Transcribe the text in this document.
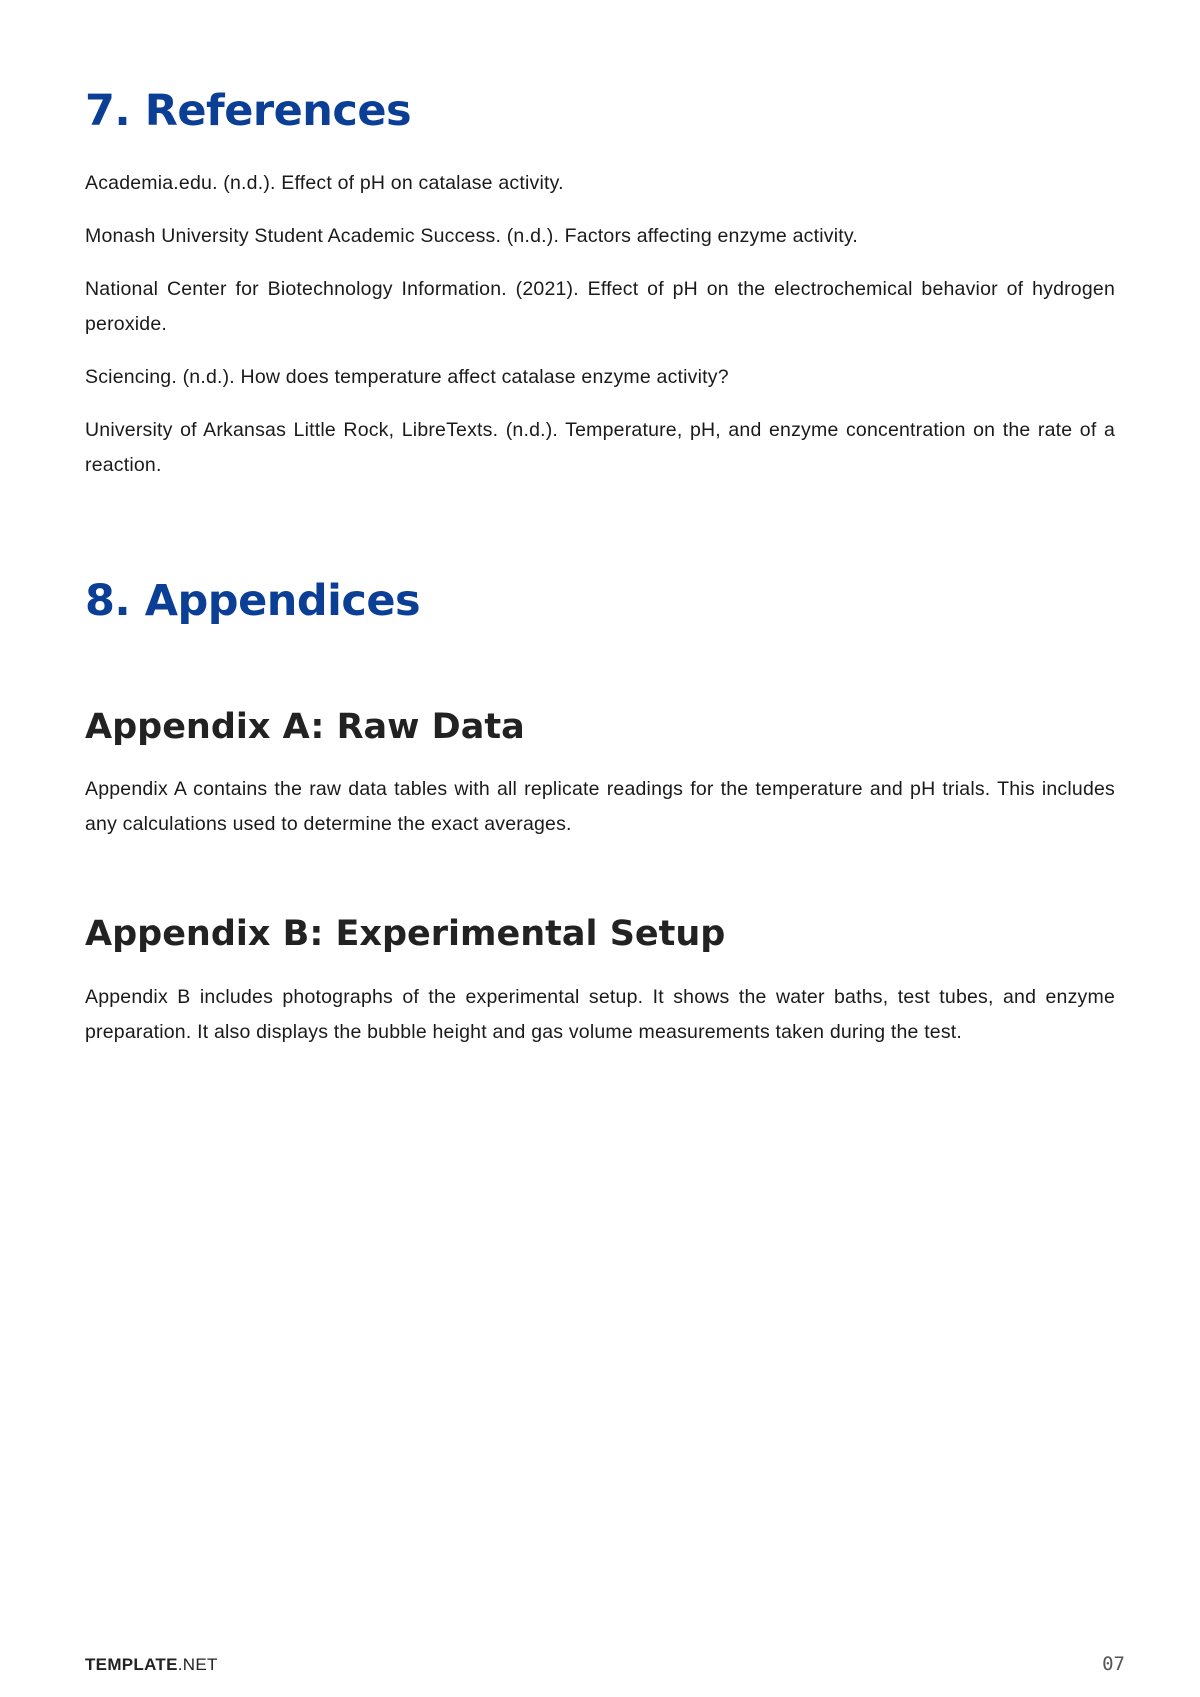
7. References

Academia.edu. (n.d.). Effect of pH on catalase activity.

Monash University Student Academic Success. (n.d.). Factors affecting enzyme activity.

National Center for Biotechnology Information. (2021). Effect of pH on the electrochemical behavior of hydrogen peroxide.

Sciencing. (n.d.). How does temperature affect catalase enzyme activity?

University of Arkansas Little Rock, LibreTexts. (n.d.). Temperature, pH, and enzyme concentration on the rate of a reaction.

8. Appendices
Appendix A: Raw Data

Appendix A contains the raw data tables with all replicate readings for the temperature and pH trials. This includes any calculations used to determine the exact averages.

Appendix B: Experimental Setup

Appendix B includes photographs of the experimental setup. It shows the water baths, test tubes, and enzyme preparation. It also displays the bubble height and gas volume measurements taken during the test.

TEMPLATE.NET	07
